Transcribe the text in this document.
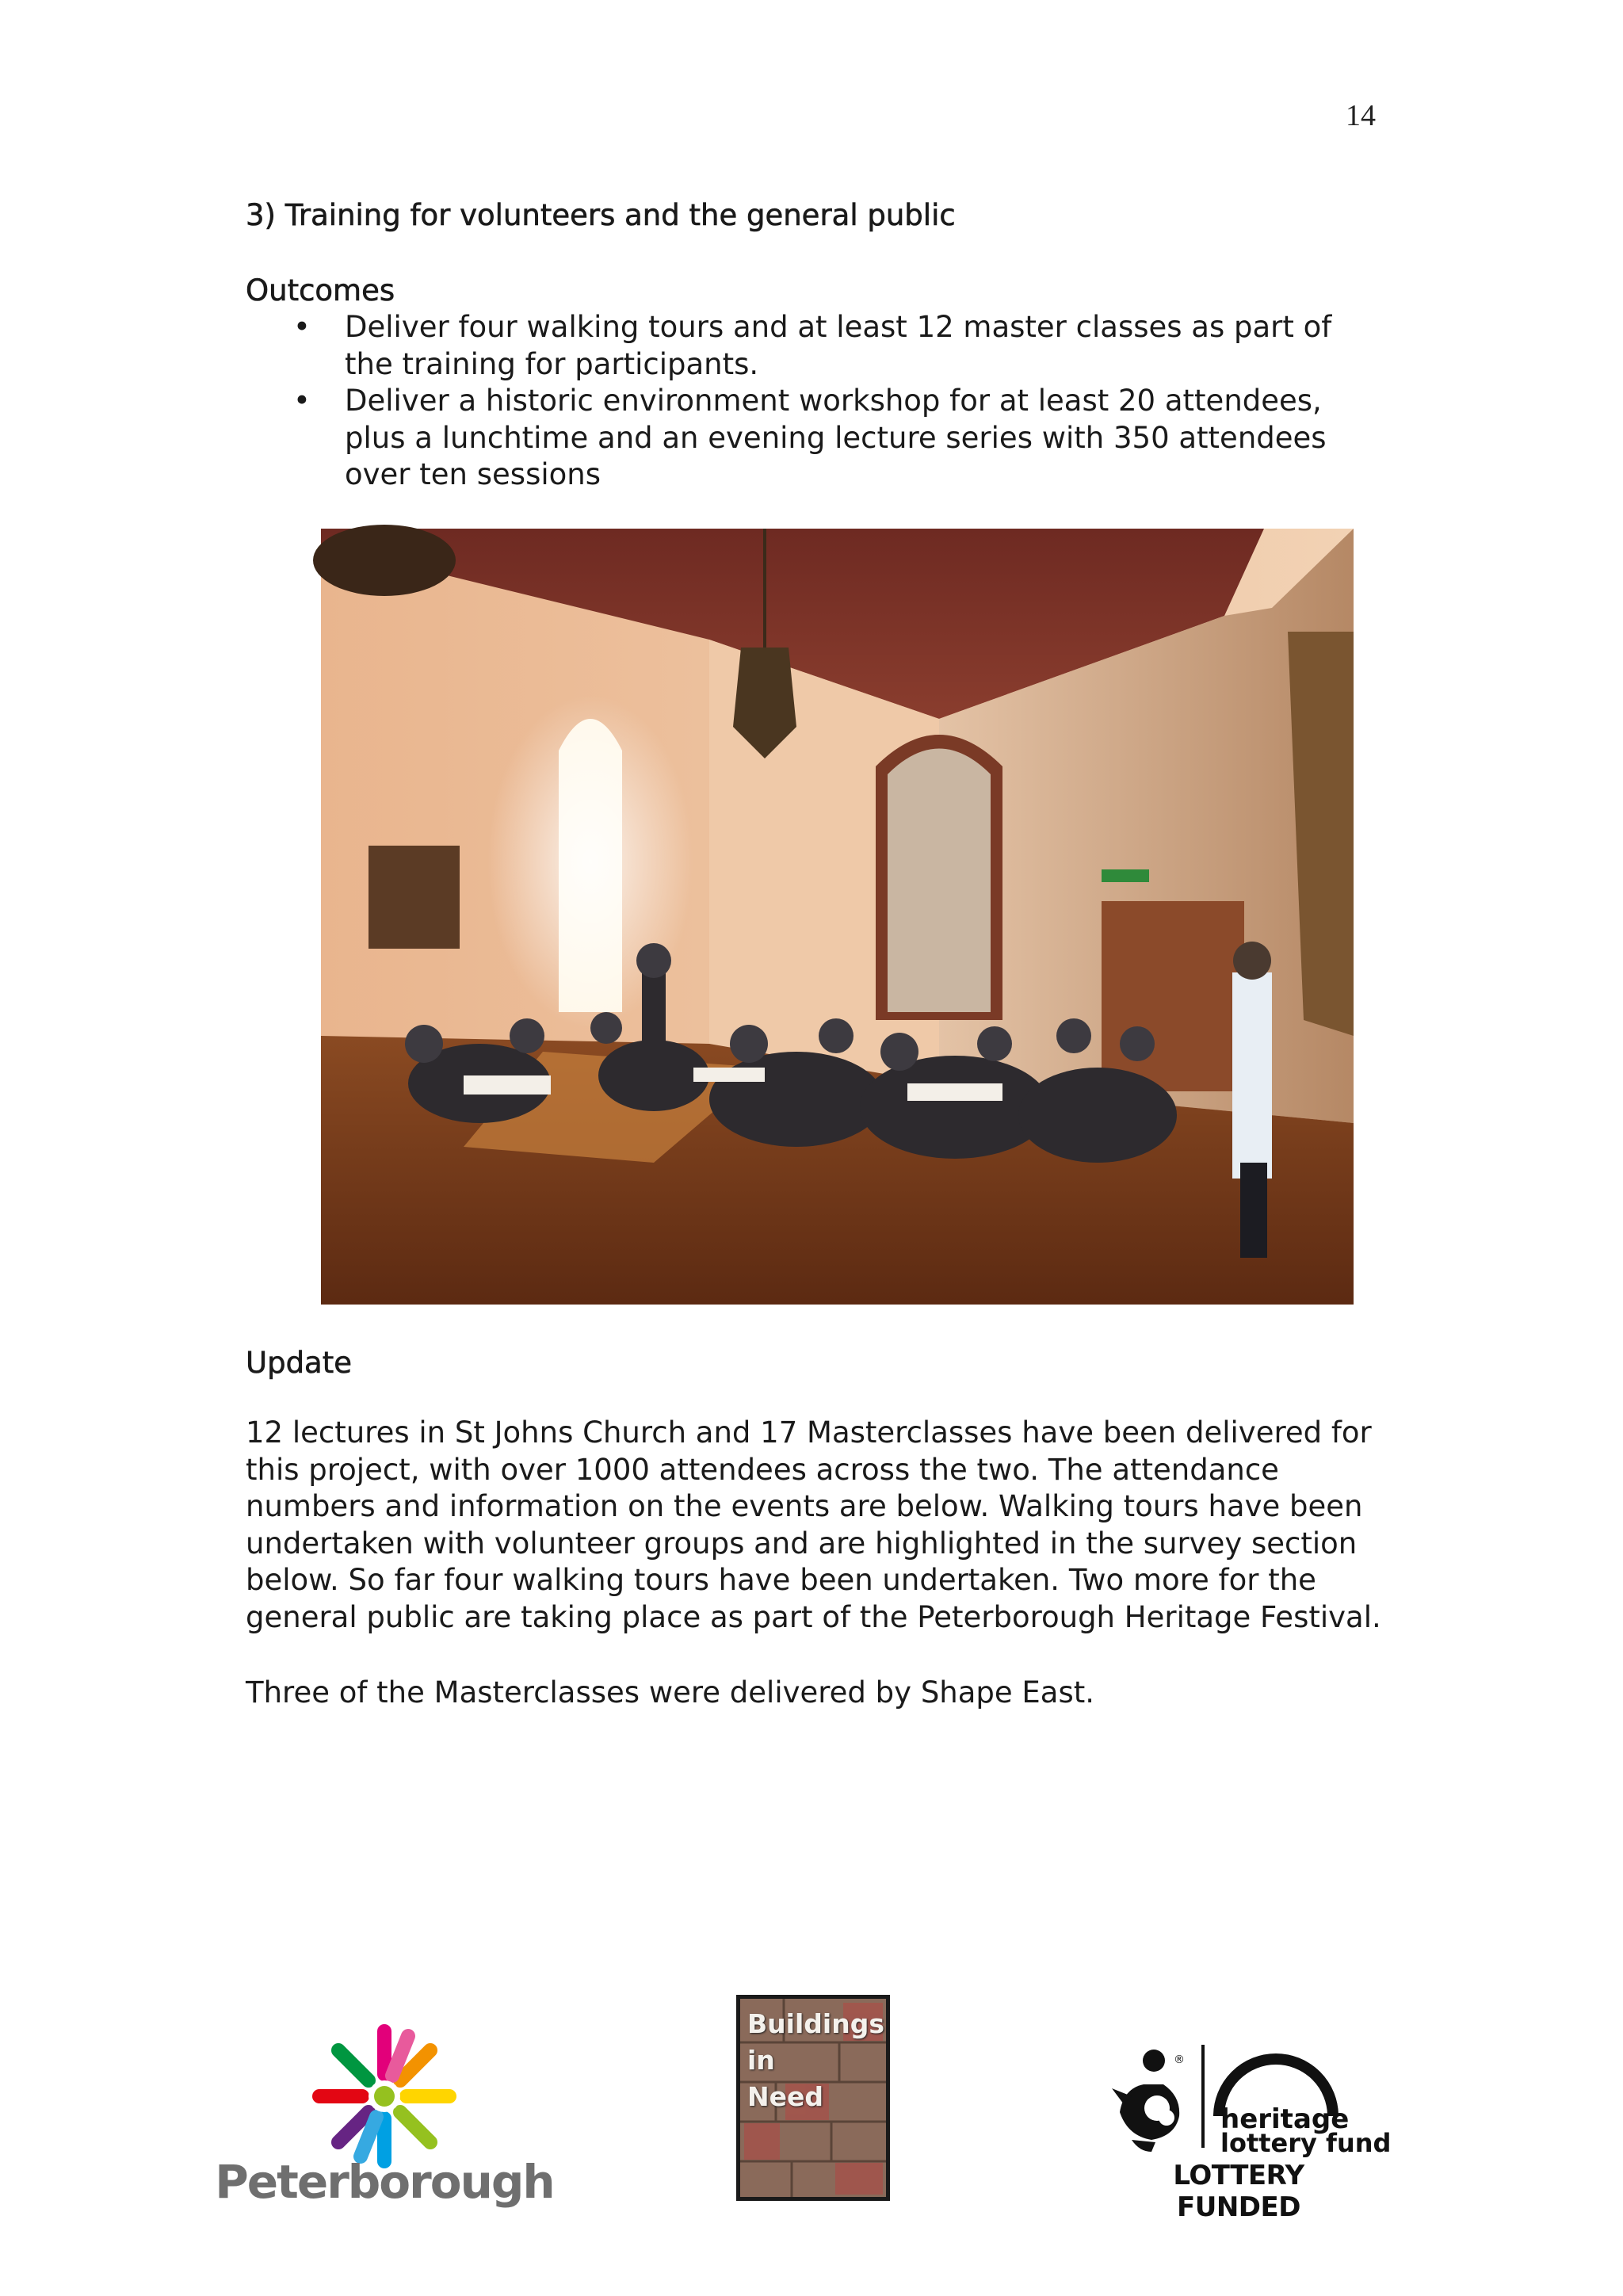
14
3) Training for volunteers and the general public
Outcomes
• Deliver four walking tours and at least 12 master classes as part of the training for participants.
• Deliver a historic environment workshop for at least 20 attendees, plus a lunchtime and an evening lecture series with 350 attendees over ten sessions
Update

12 lectures in St Johns Church and 17 Masterclasses have been delivered for this project, with over 1000 attendees across the two. The attendance numbers and information on the events are below. Walking tours have been undertaken with volunteer groups and are highlighted in the survey section below. So far four walking tours have been undertaken. Two more for the general public are taking place as part of the Peterborough Heritage Festival.

Three of the Masterclasses were delivered by Shape East.

Peterborough

Buildings
in
Need

®
heritage
lottery fund

LOTTERY FUNDED
